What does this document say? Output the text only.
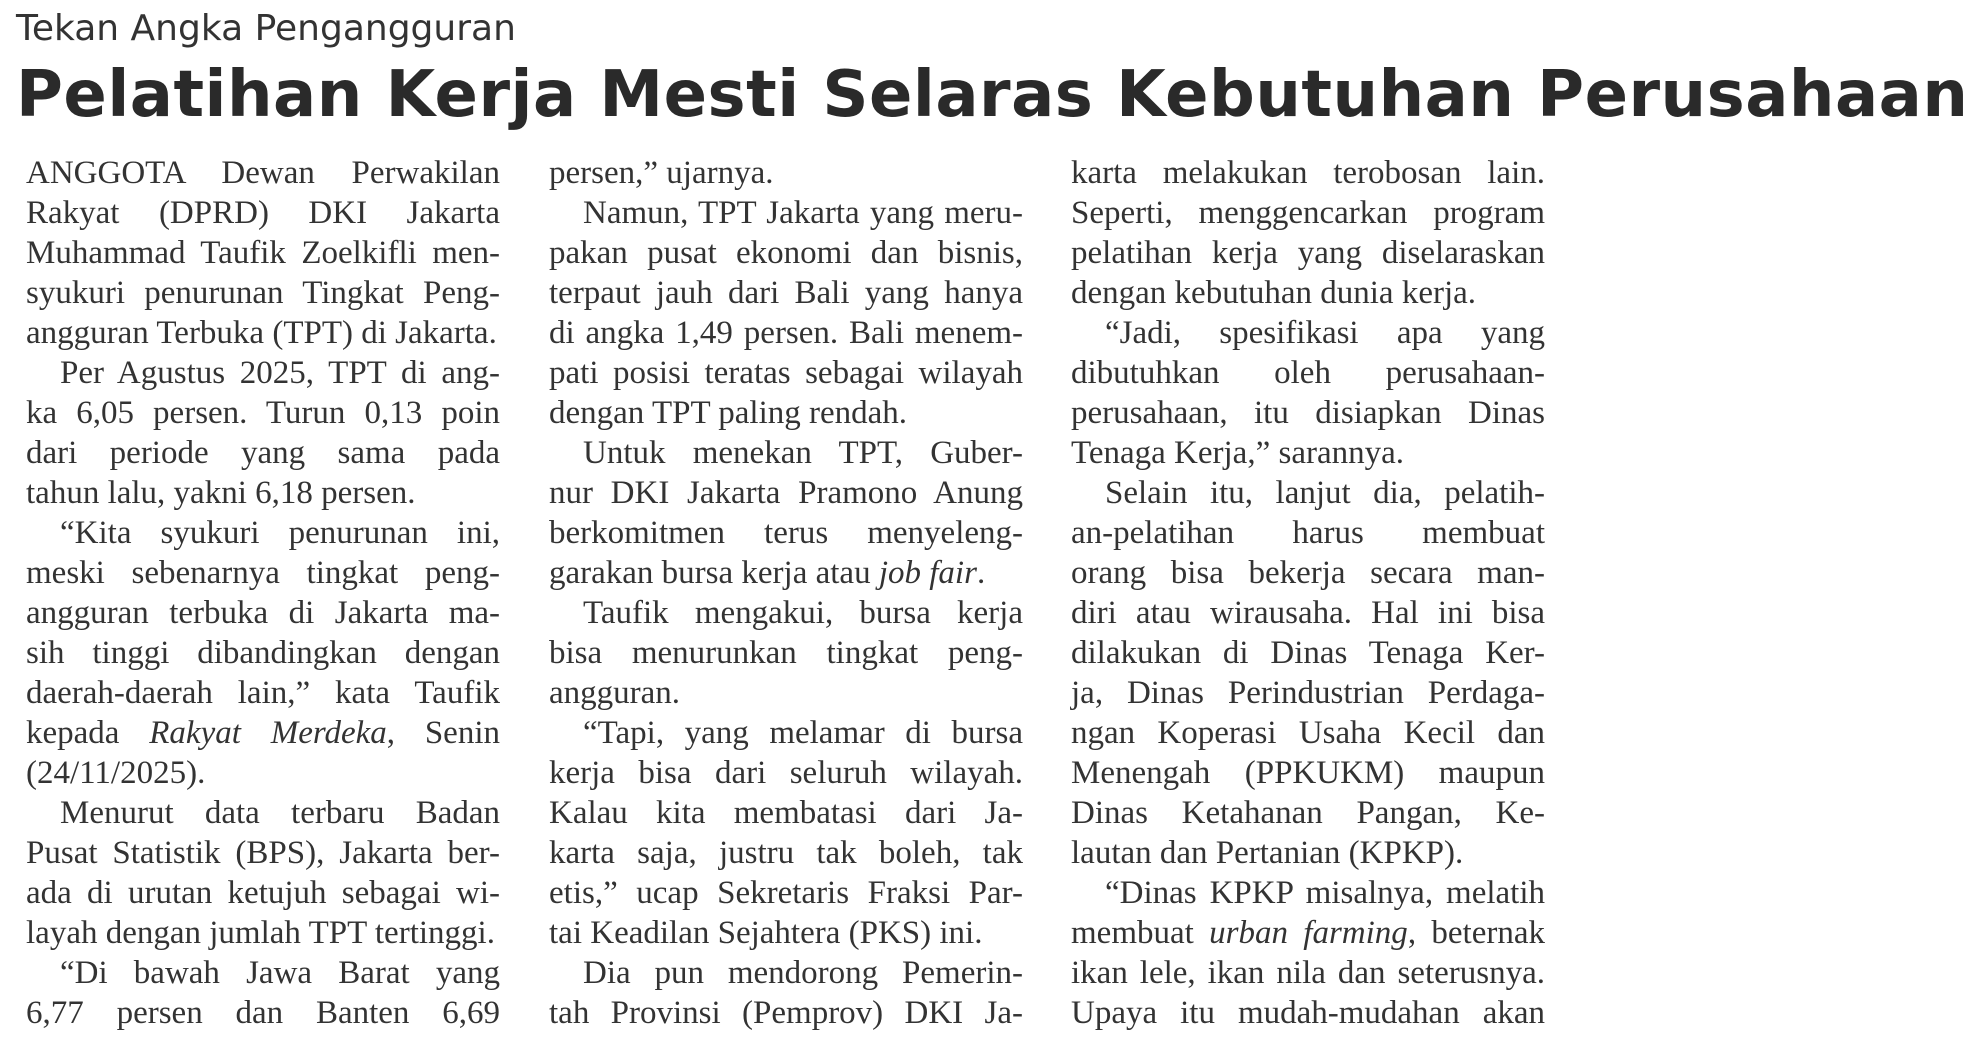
Tekan Angka Pengangguran
Pelatihan Kerja Mesti Selaras Kebutuhan Perusahaan
ANGGOTA Dewan Perwakilan
Rakyat (DPRD) DKI Jakarta
Muhammad Taufik Zoelkifli men-
syukuri penurunan Tingkat Peng-
angguran Terbuka (TPT) di Jakarta.
Per Agustus 2025, TPT di ang-
ka 6,05 persen. Turun 0,13 poin
dari periode yang sama pada
tahun lalu, yakni 6,18 persen.
“Kita syukuri penurunan ini,
meski sebenarnya tingkat peng-
angguran terbuka di Jakarta ma-
sih tinggi dibandingkan dengan
daerah-daerah lain,” kata Taufik
kepada Rakyat Merdeka, Senin
(24/11/2025).
Menurut data terbaru Badan
Pusat Statistik (BPS), Jakarta ber-
ada di urutan ketujuh sebagai wi-
layah dengan jumlah TPT tertinggi.
“Di bawah Jawa Barat yang
6,77 persen dan Banten 6,69
persen,” ujarnya.
Namun, TPT Jakarta yang meru-
pakan pusat ekonomi dan bisnis,
terpaut jauh dari Bali yang hanya
di angka 1,49 persen. Bali menem-
pati posisi teratas sebagai wilayah
dengan TPT paling rendah.
Untuk menekan TPT, Guber-
nur DKI Jakarta Pramono Anung
berkomitmen terus menyeleng-
garakan bursa kerja atau job fair.
Taufik mengakui, bursa kerja
bisa menurunkan tingkat peng-
angguran.
“Tapi, yang melamar di bursa
kerja bisa dari seluruh wilayah.
Kalau kita membatasi dari Ja-
karta saja, justru tak boleh, tak
etis,” ucap Sekretaris Fraksi Par-
tai Keadilan Sejahtera (PKS) ini.
Dia pun mendorong Pemerin-
tah Provinsi (Pemprov) DKI Ja-
karta melakukan terobosan lain.
Seperti, menggencarkan program
pelatihan kerja yang diselaraskan
dengan kebutuhan dunia kerja.
“Jadi, spesifikasi apa yang
dibutuhkan oleh perusahaan-
perusahaan, itu disiapkan Dinas
Tenaga Kerja,” sarannya.
Selain itu, lanjut dia, pelatih-
an-pelatihan harus membuat
orang bisa bekerja secara man-
diri atau wirausaha. Hal ini bisa
dilakukan di Dinas Tenaga Ker-
ja, Dinas Perindustrian Perdaga-
ngan Koperasi Usaha Kecil dan
Menengah (PPKUKM) maupun
Dinas Ketahanan Pangan, Ke-
lautan dan Pertanian (KPKP).
“Dinas KPKP misalnya, melatih
membuat urban farming, beternak
ikan lele, ikan nila dan seterusnya.
Upaya itu mudah-mudahan akan
